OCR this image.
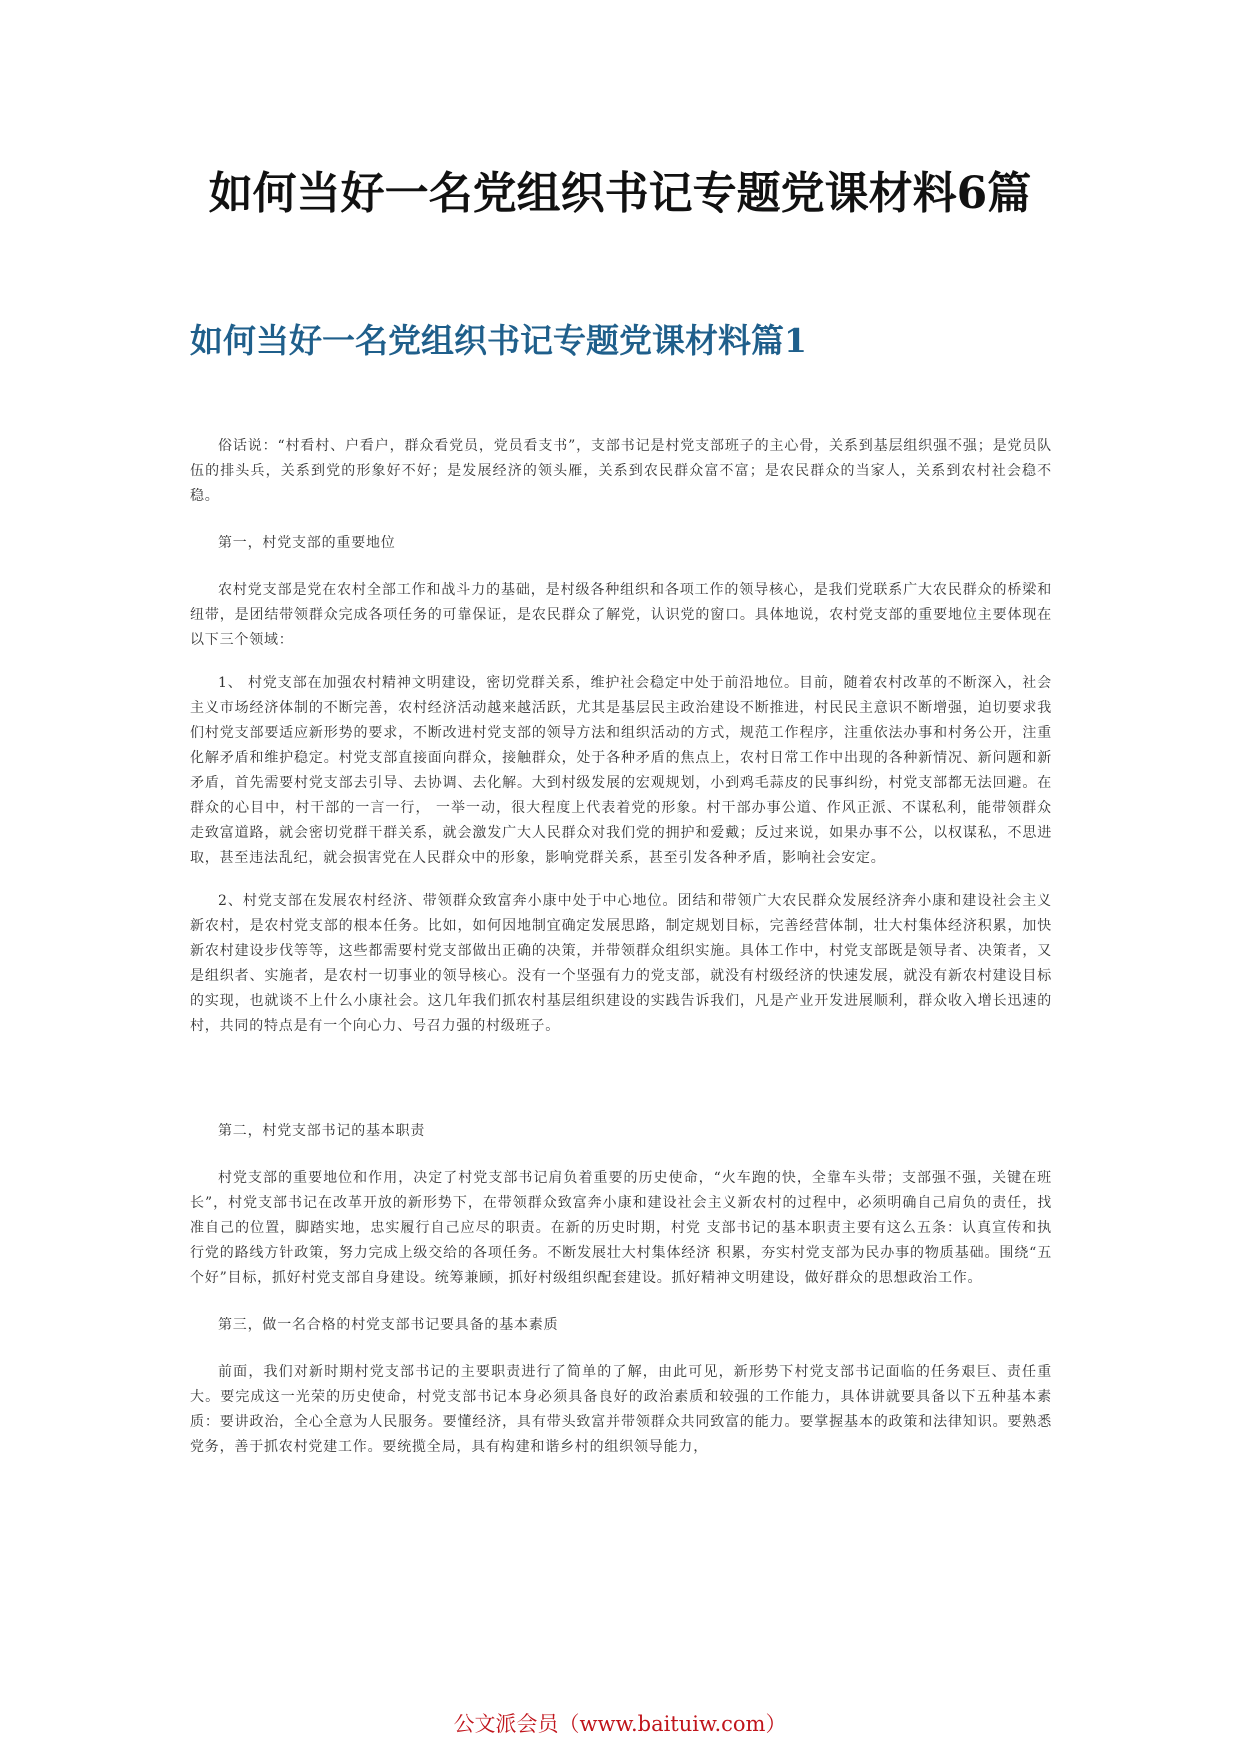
如何当好一名党组织书记专题党课材料6篇
如何当好一名党组织书记专题党课材料篇1

俗话说：“村看村、户看户，群众看党员，党员看支书”，支部书记是村党支部班子的主心骨，关系到基层组织强不强；是党员队伍的排头兵，关系到党的形象好不好；是发展经济的领头雁，关系到农民群众富不富；是农民群众的当家人，关系到农村社会稳不稳。

第一，村党支部的重要地位

农村党支部是党在农村全部工作和战斗力的基础，是村级各种组织和各项工作的领导核心，是我们党联系广大农民群众的桥梁和纽带，是团结带领群众完成各项任务的可靠保证，是农民群众了解党，认识党的窗口。具体地说，农村党支部的重要地位主要体现在以下三个领域：

1、 村党支部在加强农村精神文明建设，密切党群关系，维护社会稳定中处于前沿地位。目前，随着农村改革的不断深入，社会主义市场经济体制的不断完善，农村经济活动越来越活跃，尤其是基层民主政治建设不断推进，村民民主意识不断增强，迫切要求我们村党支部要适应新形势的要求，不断改进村党支部的领导方法和组织活动的方式，规范工作程序，注重依法办事和村务公开，注重化解矛盾和维护稳定。村党支部直接面向群众，接触群众，处于各种矛盾的焦点上，农村日常工作中出现的各种新情况、新问题和新矛盾，首先需要村党支部去引导、去协调、去化解。大到村级发展的宏观规划，小到鸡毛蒜皮的民事纠纷，村党支部都无法回避。在群众的心目中，村干部的一言一行， 一举一动，很大程度上代表着党的形象。村干部办事公道、作风正派、不谋私利，能带领群众走致富道路，就会密切党群干群关系，就会激发广大人民群众对我们党的拥护和爱戴；反过来说，如果办事不公，以权谋私，不思进取，甚至违法乱纪，就会损害党在人民群众中的形象，影响党群关系，甚至引发各种矛盾，影响社会安定。

2、村党支部在发展农村经济、带领群众致富奔小康中处于中心地位。团结和带领广大农民群众发展经济奔小康和建设社会主义新农村，是农村党支部的根本任务。比如，如何因地制宜确定发展思路，制定规划目标，完善经营体制，壮大村集体经济积累，加快新农村建设步伐等等，这些都需要村党支部做出正确的决策，并带领群众组织实施。具体工作中，村党支部既是领导者、决策者，又是组织者、实施者，是农村一切事业的领导核心。没有一个坚强有力的党支部，就没有村级经济的快速发展，就没有新农村建设目标的实现，也就谈不上什么小康社会。这几年我们抓农村基层组织建设的实践告诉我们，凡是产业开发进展顺利，群众收入增长迅速的村，共同的特点是有一个向心力、号召力强的村级班子。

第二，村党支部书记的基本职责

村党支部的重要地位和作用，决定了村党支部书记肩负着重要的历史使命，“火车跑的快，全靠车头带；支部强不强，关键在班长”，村党支部书记在改革开放的新形势下，在带领群众致富奔小康和建设社会主义新农村的过程中，必须明确自己肩负的责任，找准自己的位置，脚踏实地，忠实履行自己应尽的职责。在新的历史时期，村党 支部书记的基本职责主要有这么五条：认真宣传和执行党的路线方针政策，努力完成上级交给的各项任务。不断发展壮大村集体经济 积累，夯实村党支部为民办事的物质基础。围绕“五个好”目标，抓好村党支部自身建设。统筹兼顾，抓好村级组织配套建设。抓好精神文明建设，做好群众的思想政治工作。

第三，做一名合格的村党支部书记要具备的基本素质

前面，我们对新时期村党支部书记的主要职责进行了简单的了解，由此可见，新形势下村党支部书记面临的任务艰巨、责任重大。要完成这一光荣的历史使命，村党支部书记本身必须具备良好的政治素质和较强的工作能力，具体讲就要具备以下五种基本素质：要讲政治，全心全意为人民服务。要懂经济，具有带头致富并带领群众共同致富的能力。要掌握基本的政策和法律知识。要熟悉党务，善于抓农村党建工作。要统揽全局，具有构建和谐乡村的组织领导能力，

公文派会员（www.baituiw.com）
